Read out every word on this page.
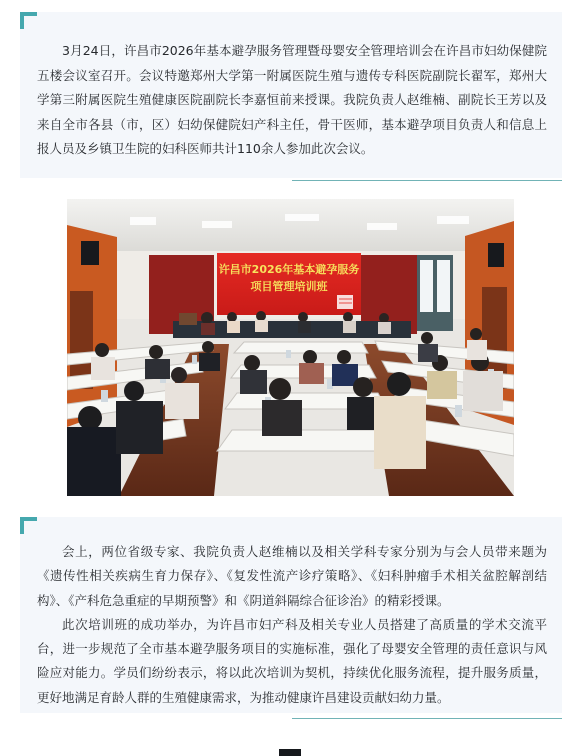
3月24日，许昌市2026年基本避孕服务管理暨母婴安全管理培训会在许昌市妇幼保健院五楼会议室召开。会议特邀郑州大学第一附属医院生殖与遗传专科医院副院长翟军，郑州大学第三附属医院生殖健康医院副院长李嘉恒前来授课。我院负责人赵维楠、副院长王芳以及来自全市各县（市，区）妇幼保健院妇产科主任，骨干医师，基本避孕项目负责人和信息上报人员及乡镇卫生院的妇科医师共计110余人参加此次会议。

许昌市2026年基本避孕服务
项目管理培训班

会上，两位省级专家、我院负责人赵维楠以及相关学科专家分别为与会人员带来题为《遗传性相关疾病生育力保存》、《复发性流产诊疗策略》、《妇科肿瘤手术相关盆腔解剖结构》、《产科危急重症的早期预警》和《阴道斜隔综合征诊治》的精彩授课。

此次培训班的成功举办，为许昌市妇产科及相关专业人员搭建了高质量的学术交流平台，进一步规范了全市基本避孕服务项目的实施标准，强化了母婴安全管理的责任意识与风险应对能力。学员们纷纷表示，将以此次培训为契机，持续优化服务流程，提升服务质量，更好地满足育龄人群的生殖健康需求，为推动健康许昌建设贡献妇幼力量。
